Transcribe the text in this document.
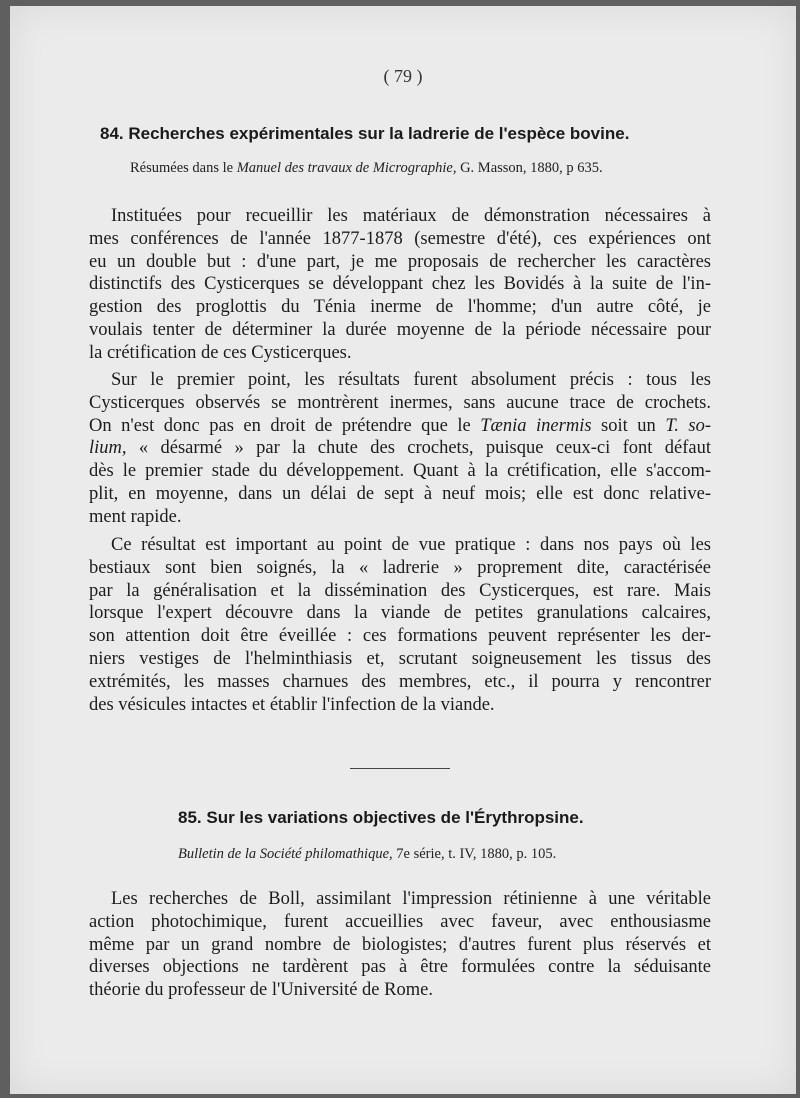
( 79 )
84. Recherches expérimentales sur la ladrerie de l'espèce bovine.
Résumées dans le Manuel des travaux de Micrographie, G. Masson, 1880, p 635.
Instituées pour recueillir les matériaux de démonstration nécessaires à
mes conférences de l'année 1877-1878 (semestre d'été), ces expériences ont
eu un double but : d'une part, je me proposais de rechercher les caractères
distinctifs des Cysticerques se développant chez les Bovidés à la suite de l'in-
gestion des proglottis du Ténia inerme de l'homme; d'un autre côté, je
voulais tenter de déterminer la durée moyenne de la période nécessaire pour
la crétification de ces Cysticerques.
Sur le premier point, les résultats furent absolument précis : tous les
Cysticerques observés se montrèrent inermes, sans aucune trace de crochets.
On n'est donc pas en droit de prétendre que le Tænia inermis soit un T. so-
lium, « désarmé » par la chute des crochets, puisque ceux-ci font défaut
dès le premier stade du développement. Quant à la crétification, elle s'accom-
plit, en moyenne, dans un délai de sept à neuf mois; elle est donc relative-
ment rapide.
Ce résultat est important au point de vue pratique : dans nos pays où les
bestiaux sont bien soignés, la « ladrerie » proprement dite, caractérisée
par la généralisation et la dissémination des Cysticerques, est rare. Mais
lorsque l'expert découvre dans la viande de petites granulations calcaires,
son attention doit être éveillée : ces formations peuvent représenter les der-
niers vestiges de l'helminthiasis et, scrutant soigneusement les tissus des
extrémités, les masses charnues des membres, etc., il pourra y rencontrer
des vésicules intactes et établir l'infection de la viande.
85. Sur les variations objectives de l'Érythropsine.
Bulletin de la Société philomathique, 7e série, t. IV, 1880, p. 105.
Les recherches de Boll, assimilant l'impression rétinienne à une véritable
action photochimique, furent accueillies avec faveur, avec enthousiasme
même par un grand nombre de biologistes; d'autres furent plus réservés et
diverses objections ne tardèrent pas à être formulées contre la séduisante
théorie du professeur de l'Université de Rome.
